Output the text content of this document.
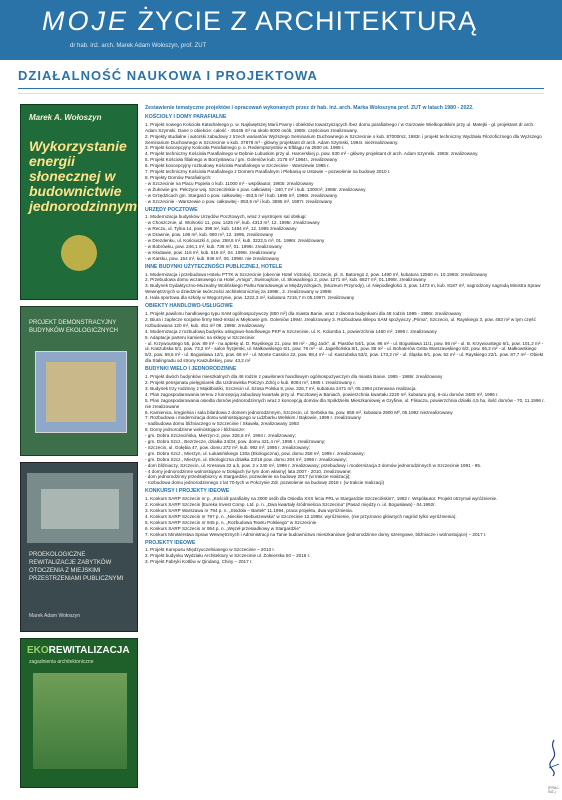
MOJE ŻYCIE Z ARCHITEKTURĄ
dr hab. inż. arch. Marek Adam Wołoszyn, prof. ZUT
DZIAŁALNOŚĆ NAUKOWA I PROJEKTOWA
Marek A. Wołoszyn
Wykorzystanie energii słonecznej w budownictwie jednorodzinnym
PROJEKT DEMONSTRACYJNY BUDYNKÓW EKOLOGICZNYCH
PROEKOLOGICZNE REWITALIZACJE ZABYTKÓW OTOCZENIA Z MIEJSKIMI PRZESTRZENIAMI PUBLICZNYMI
Marek Adam Wołoszyn
EKOREWITALIZACJA
zagadnienia architektoniczne
Zestawienie tematyczne projektów i opracowań wykonanych przez dr hab. inż. arch. Marka Wołoszyna prof. ZUT w latach 1980 - 2022.
KOŚCIOŁY I DOMY PARAFIALNE

1. Projekt nowego Kościoła Katedralnego p. w. Najświętszej Marii Panny i obiektów towarzyszących /bez domu parafialnego / w Gorzowie Wielkopolskim przy ul. Matejki - gł. projektant dr arch. Adam Szymski. Dane o obiekcie: całość - 45445 m³ na około 6000 osób, 1980r. częściowo zrealizowany.

2. Projekty studialne i autorski zabudowy z trzech wariantów Wyższego Seminarium Duchownego w Szczecinie o kub. 87000m2, 1983r. i projekt techniczny Wydziału Filozoficznego dla Wyższego Seminarium Duchownego w Szczecinie o kub. 37878 m³ - główny projektant dr arch. Adam Szymski, 1984r. niezrealizowany.

3. Projekt koncepcyjny Kościoła Parafialnego p. o. Redemptorystów w Elblągu na 2500 os. 1985 r.

4. Projekt techniczny Kościoła Parafialnego w Dębnie Lubuskim przy ul. Harcerskiej p. pow. 630 m² - główny projektant dr arch. Adam Szymski. 1983r. zrealizowany.

5. Projekt Kościoła filialnego w Borzysławcu / gm. Goleniów kub. 2178 m³ 1984r., zrealizowany

6. Projekt koncepcyjny rozbudowy Kościoła Parafialnego w Szczecinie - Warszewie 1985 r.

7. Projekt techniczny Kościoła Parafialnego z Domem Parafialnym i Plebanią w Ustowie – pozwolenie na budowę 2010 r.

8. Projekty Domów Parafialnych:

- w Szczecinie na Placu Popiela o kub. 11000 m³ - współautor, 1983r. zrealizowany

- w Żukowie gm. Pełczyce woj. Szczecińskie o pow. całkowitej - 340,7 m² i kub. 1300m³, 1986r. zrealizowany

- w Grzędzicach gm. Stargard o pow. całkowitej - 453,5 m² i kub. 1695 m³, 1986r. zrealizowany

- w Szczecinie - Warszewie o pow. całkowitej - 853,5 m² i kub. 3695 m³, 1987r. zrealizowany

URZĘDY POCZTOWE

1. Modernizacja budynków Urzędów Pocztowych, wraz z wystrojem sal obsługi:

- w Choszcznie, ul. Wolności 11, pow. 1425 m², kub. 4313 m³, 12. 1995r. zrealizowany

- w Reczu, ul. Tylna 14, pow. 399 m², kub. 1484 m³, 12. 1995 zrealizowany

- w Drawnie, pow. 198 m², kub. 680 m³, 12. 1995, zrealizowany

- w Drezdenku, ul. Kościuszki 4, pow. 258,6 m², kub. 3222,5 m³, 01. 1996r. zrealizowany

- w Bobrówku, pow. 246,1 m², kub. 738 m³, 01. 1996r. zrealizowany

- w Kłodawie, pow. 116 m², kub. 616 m³, 04. 1996r. zrealizowany

- w Karsku, pow. 164 m², kub. 846 m³, 06. 1996r. nie zrealizowany

INNE BUDYNKI UŻYTECZNOŚCI PUBLICZNEJ, HOTELE

1. Modernizacja i przebudowa Hotelu PTTK w Szczecinie (obecnie Hotel Victoria), Szczecin, pl. S. Batorego 2, pow. 1490 m², kubatura 12560 m. 10.1993r. zrealizowany

2. Przebudowa domu wczasowego na Hotel „Amigo”, Świnoujście, ul. Słowackiego 2, pow. 1271 m², kub. 6827 m³, 01.1995r. zrealizowany

3. Budynek Dydaktyczno-Muzealny Wolińskiego Parku Narodowego w Międzyzdrojach, (Muzeum Przyrody), ul. Niepodległości 3, pow. 1473 m, kub. 8187 m³, nagrodzony nagrodą Ministra Spraw Wewnętrznych w dziedzinie twórczości architektonicznej za 1998r., 2. zrealizowany w 1998r.

4. Hala sportowa dla szkoły w Węgorzynie, pow. 1222,3 m², kubatura 7215,7 m 05.1997r. zrealizowany

OBIEKTY HANDLOWO-USŁUGOWE

1. Projekt pawilonu handlowego typu SAM ogólnospożywczy (850 m²) dla miasta Banie, wraz z dwoma budynkami dla 48 rodzin 1985 - 1986r. zrealizowany

2. Biura i zaplecze socjalne firmy Med-Instal w Miękowie gm. Goleniów 1994r. zrealizowany 3. Rozbudowa sklepu SAM spożywczy „Prima”, Szczecin, ul. Rayskiego 3, pow. 483 m² w tym część rozbudowana 120 m², kub. 451 m³ 09. 1996r. zrealizowany

4. Modernizacja z rozbudową budynku usługowo-handlowego PKP w Szczecinie, ul. K. Kolumba 1, powierzchnia 1460 m², 1996 r. zrealizowany

5. Adaptacje parteru kamienic na sklepy w Szczecinie:

- ul. Krzywoustego 55, pow. 89 m² - na aptekę ul. D. Rayskiego 21, pow. 98 m² - „Big Jack”, al. Piastów 54/1, pow. 96 m² - ul. Bogusława 11/1, pow. 86 m² - ul. B. Krzywoustego 6/1, pow. 101,2 m² - ul. Kaszubska 5/1, pow. 73,2 m² - salon fryzjerski, ul. Małkowskiego 6/1, pow. 76 m² - ul. Jagiellońska 8/1, pow. 85 m² - ul. Bohaterów Getta Warszawskiego 5/2, pow. 66,2 m² - ul. Małkowskiego 5/2, pow. 69,6 m² - ul. Bogusława 12/1, pow. 68 m² - ul. Monte Cassino 22, pow. 98,4 m² - ul. Kaszubska 53/2, pow. 173,2 m² - ul. Śląska 9/1, pow. 52 m² - ul. Rayskiego 22/1. pow. 87,7 m² - Obiekt dla Stalingradu od strony Kaszubskiej, pow. 43,2 m²

BUDYNKI WIELO I JEDNORODZINNE

1. Projekt dwóch budynków mieszkalnych dla 48 rodzin z pawilonem handlowym ogólnospożywczym dla miasta Banie. 1985 - 1986r. zrealizowany

2. Projekt pensjonatu pielęgniarek dla Uzdrowiska Połczyn Zdrój o kub. 8084 m³, 1985 r. zrealizowany r.

3. Budynek trzy rodzinny z Mąkitbiotiki, Szczecin ul. Szosa Polska 8, pow. 326,7 m², kubatura 2471 m³, 05.1994 przerwana realizacja.

4. Plan zagospodarowania terenu z koncepcją zabudowy kwartału przy ul. Pocztowej w Baniach, powierzchnia kwartału 2220 m², kubatura proj. 6-ciu domów 3480 m³, 1996 r.

5. Plan zagospodarowania osiedla domów jednorodzinnych wraz z koncepcją domów dla Spółdzielni Mieszkaniowej w Gryfinie, ul. Flisacza, powierzchnia działki 4,5 ha, ilość domów - 70, 11.1996 r. nie zrealizowane

6. Kamienica, kręgielnia i sala bilardowa z domem jednorodzinnym, Szczecin, ul. Serbska 6a, pow. 658 m², kubatura 2900 M³, 05.1992 niezrealizowany

7. Rozbudowa i modernizacja domu wolnostojącego w Lidzbarku Welskim / Bąkowie, 1999 r. zrealizowany

- nadbudowa domu bliźniaczego w Szczecinie / Skawiła, zrealizowany 1993

8. Domy jednorodzinne wolnostojące i bliźniacze:

- gm. Dobra Szczecińska, Mierzyn-2, pow. 326,6 m², 1994 r. zrealizowany;

- gm. Dobra Szcz., Bezrzecze, działka 24/34, pow. domu 421,4 m², 1995 r. zrealizowany;

- Szczecin, ul. Gołębia 47, pow. domu 372 m², kub. 992 m³, 1995 r. zrealizowany;

- gm. Dobra Szcz., Mierzyn, ul. Łukasińskiego 130a (Ekologiczna), pow. domu 258 m², 1995 r. zrealizowany;

- gm. Dobra Szcz., Mierzyn, ul. Ekologiczna działka 23/18 pow. domu 204 m², 1996 r. zrealizowany;

- dom bliźniaczy, Szczecin, ul. Kresowa 22 a,b, pow. 2 x 240 m², 1996 r. zrealizowany; przebudowy i modernizacja 3 domów jednorodzinnych w Szczecinie 1991 - 95.

- 4 domy jednorodzinne wolnostojące w Dołujach (w tym dom własny) lata 2007 - 2010, zrealizowane;

- dom jednorodzinny przedsiębiorcy w Stargardzie, pozwolenie na budowę 2017 (w trakcie realizacji);

- rozbudowa domu jednorodzinnego z lat 70-tych w Połczynie Zdr. pozwolenie na budowę 2018 r. (w trakcie realizacji)

KONKURSY I PROJEKTY IDEOWE

1. Konkurs SARP Szczecin nr p. „Kościół parafialny na 2000 osób dla Osiedla XXX lecia PRL w Stargardzie Szczecińskim”, 1982 r. Współautor. Projekt otrzymał wyróżnienie.

2. Konkurs SARP Szczecin [Eureka Invest Comp. Ltd. p. n. „Dwa kwartały śródmieścia Szczecina” (Pasaż między n. ul. Bogusława) - 04.1992r.

3. Konkurs SARP Warszawa nr 794 p. n. „Stodoła – Bartek” 11.1994, praca projektu, dwa wyróżnienia.

4. Konkurs SARP Szczecin nr 797 p. n. „Nieckie Niebuszewska” w Szczecinie 12.1995r. wyróżnienie, (nie przyznano głównych nagród tylko wyróżnienia).

5. Konkurs SARP Szczecin nr 945 p. n. „Rozbudowa Teatru Polskiego” w Szczecinie

6. Konkurs SARP Szczecin nr 954 p. n. „Węzeł przesiadkowy w Stargardzie”

7. Konkurs Ministerstwa Spraw Wewnętrznych i Administracji na Tanie budownictwo mieszkaniowe (jednorodzinne domy szeregowe, bliźniacze i wolnostojące) – 2017 r.

PROJEKTY IDEOWE

1. Projekt Kampusu Międzyuczelnianego w Szczecinie – 2010 r.

2. Projekt budynku Wydziału Architektury w Szczecinie ul. Żołnierska 50 – 2016 r.

3. Projekt Fabryki Kotłów w Qindang, Chiny – 2017 r.

(PRAC. INŻ.)
